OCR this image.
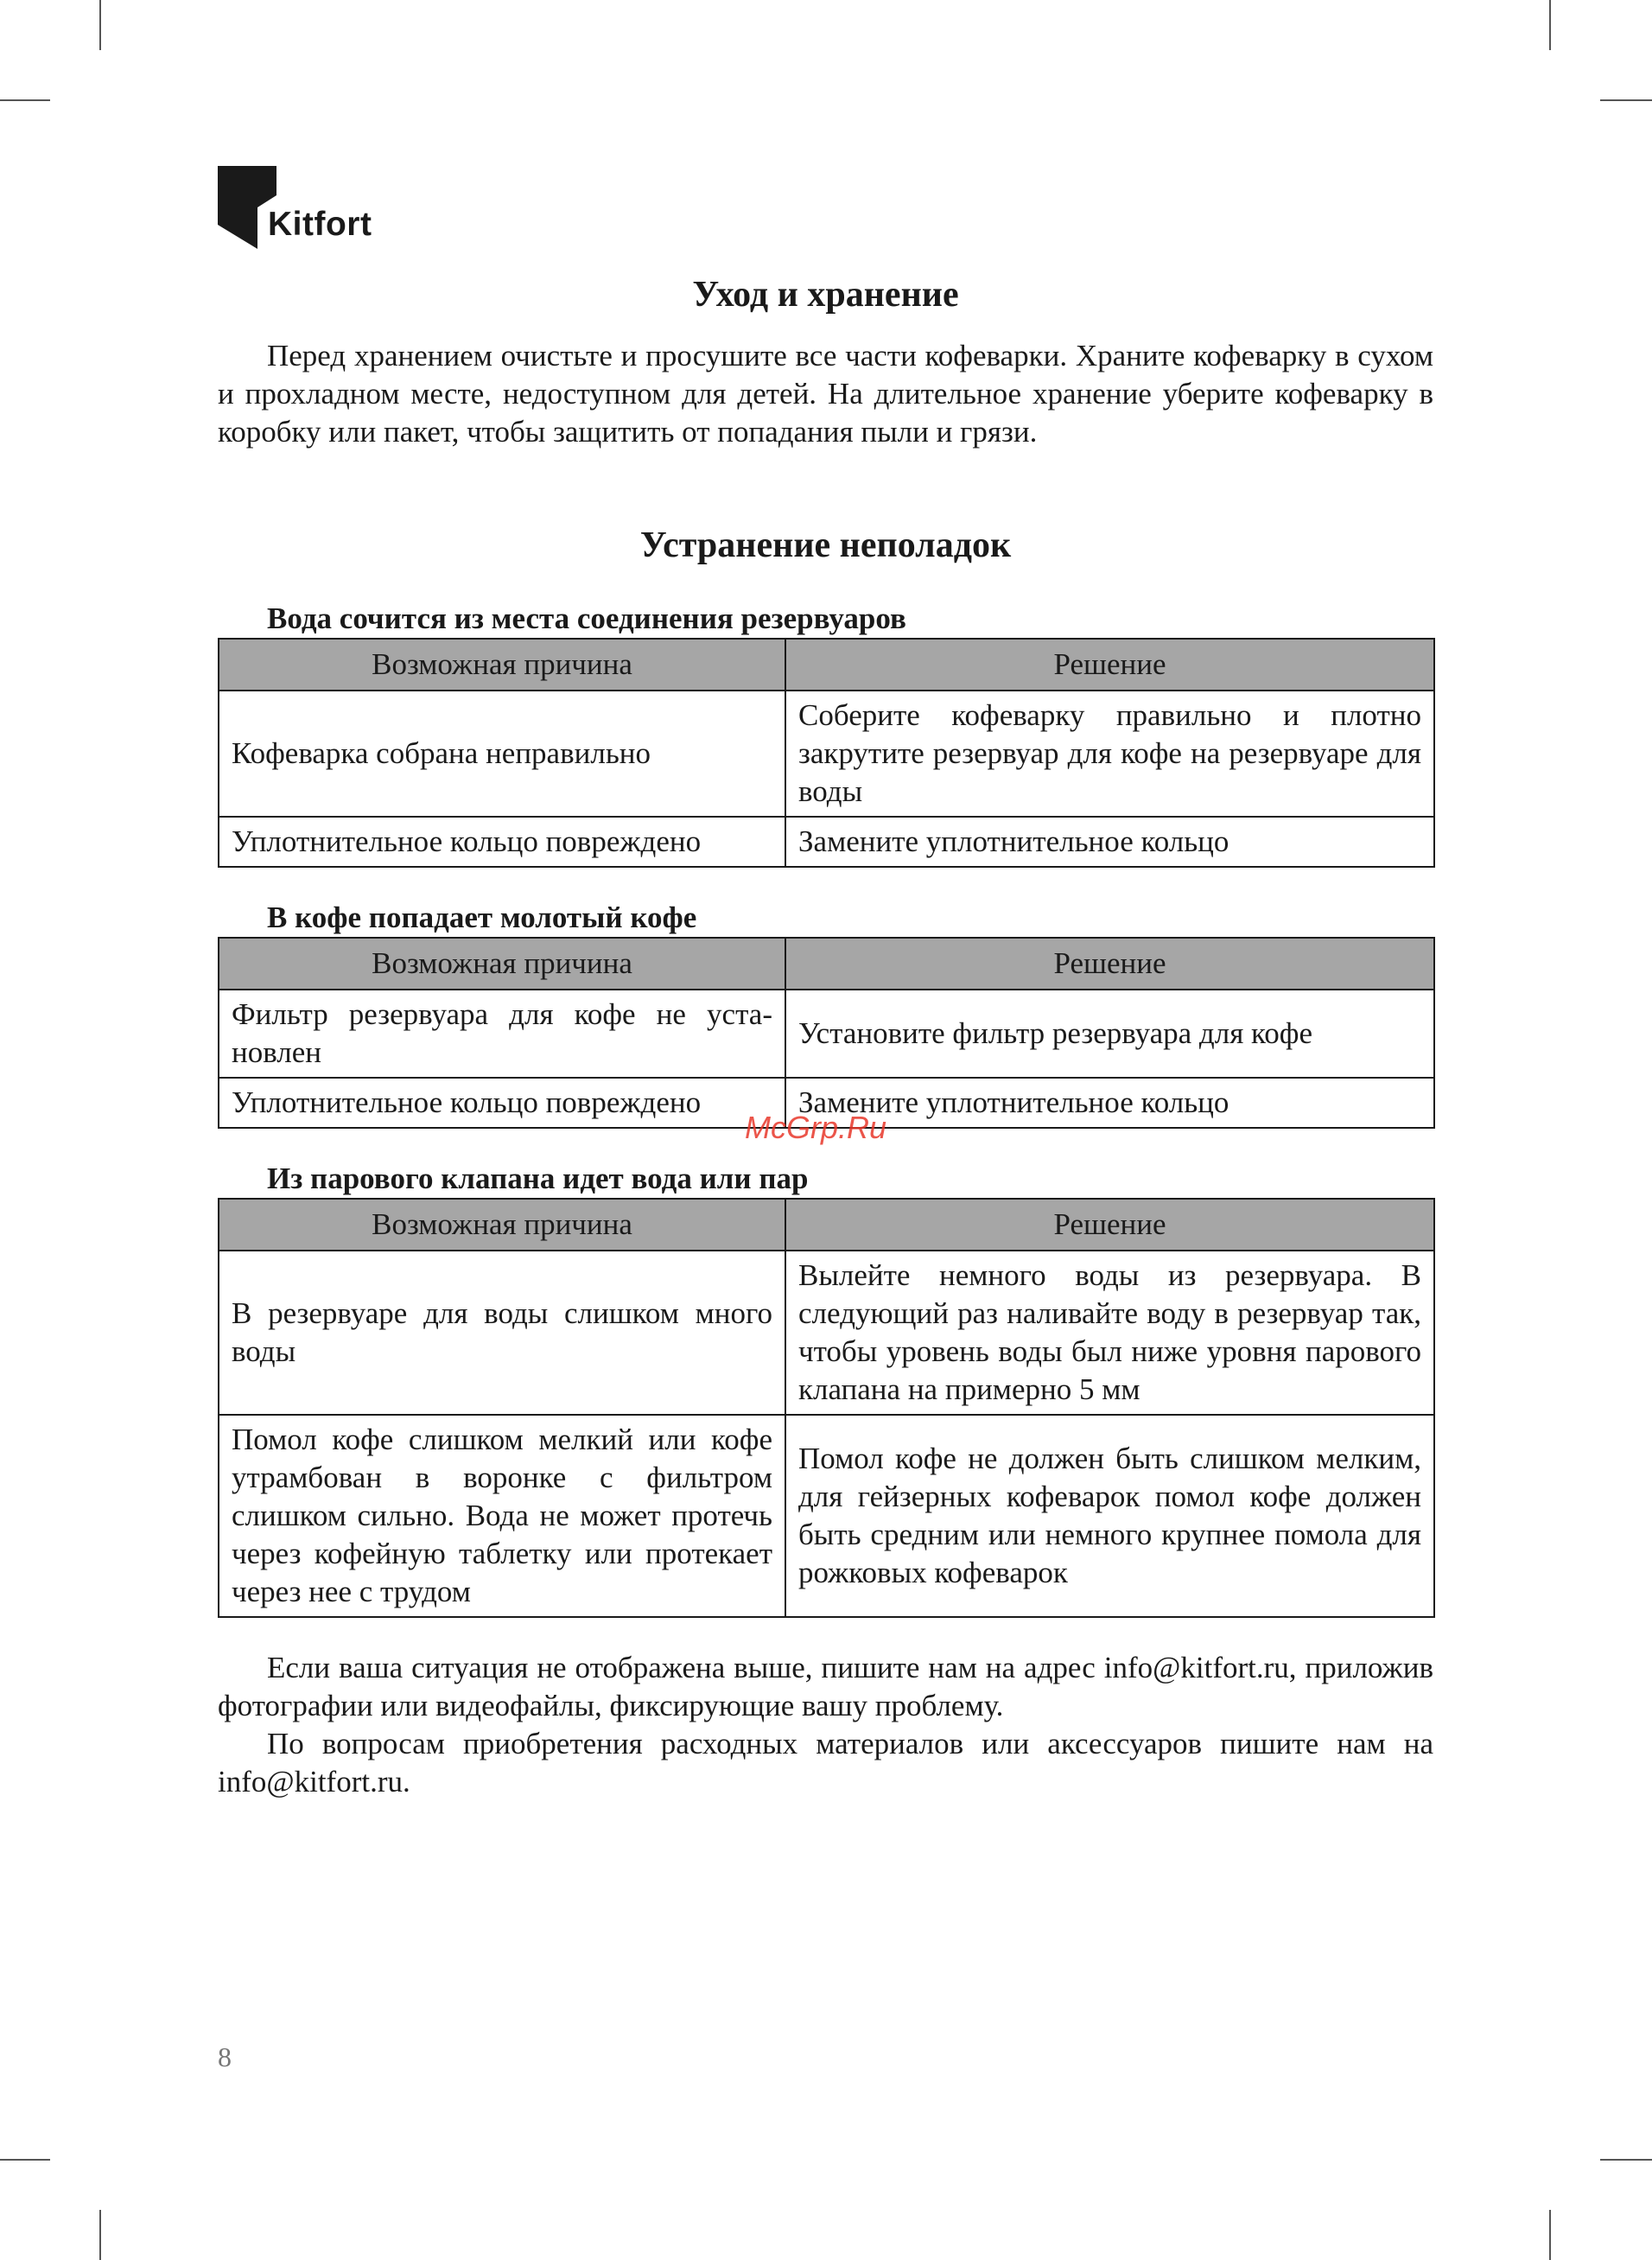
Kitfort
Уход и хранение

Перед хранением очистьте и просушите все части кофеварки. Храните кофеварку в сухом и прохладном месте, недоступном для детей. На длительное хранение уберите кофеварку в коробку или пакет, чтобы защитить от попадания пыли и грязи.

Устранение неполадок
Вода сочится из места соединения резервуаров
Возможная причина	Решение
Кофеварка собрана неправильно	Соберите кофеварку правильно и плотно закрутите резервуар для кофе на резервуаре для воды
Уплотнительное кольцо повреждено	Замените уплотнительное кольцо
В кофе попадает молотый кофе
Возможная причина	Решение
Фильтр резервуара для кофе не установлен	Установите фильтр резервуара для кофе
Уплотнительное кольцо повреждено	Замените уплотнительное кольцо
Из парового клапана идет вода или пар
Возможная причина	Решение
В резервуаре для воды слишком много воды	Вылейте немного воды из резервуара. В следующий раз наливайте воду в резервуар так, чтобы уровень воды был ниже уровня парового клапана на примерно 5 мм
Помол кофе слишком мелкий или кофе утрамбован в воронке с фильтром слишком сильно. Вода не может протечь через кофейную таблетку или протекает через нее с трудом	Помол кофе не должен быть слишком мелким, для гейзерных кофеварок помол кофе должен быть средним или немного крупнее помола для рожковых кофеварок

Если ваша ситуация не отображена выше, пишите нам на адрес info@kitfort.ru, приложив фотографии или видеофайлы, фиксирующие вашу проблему.

По вопросам приобретения расходных материалов или аксессуаров пишите нам на info@kitfort.ru.

McGrp.Ru
8
